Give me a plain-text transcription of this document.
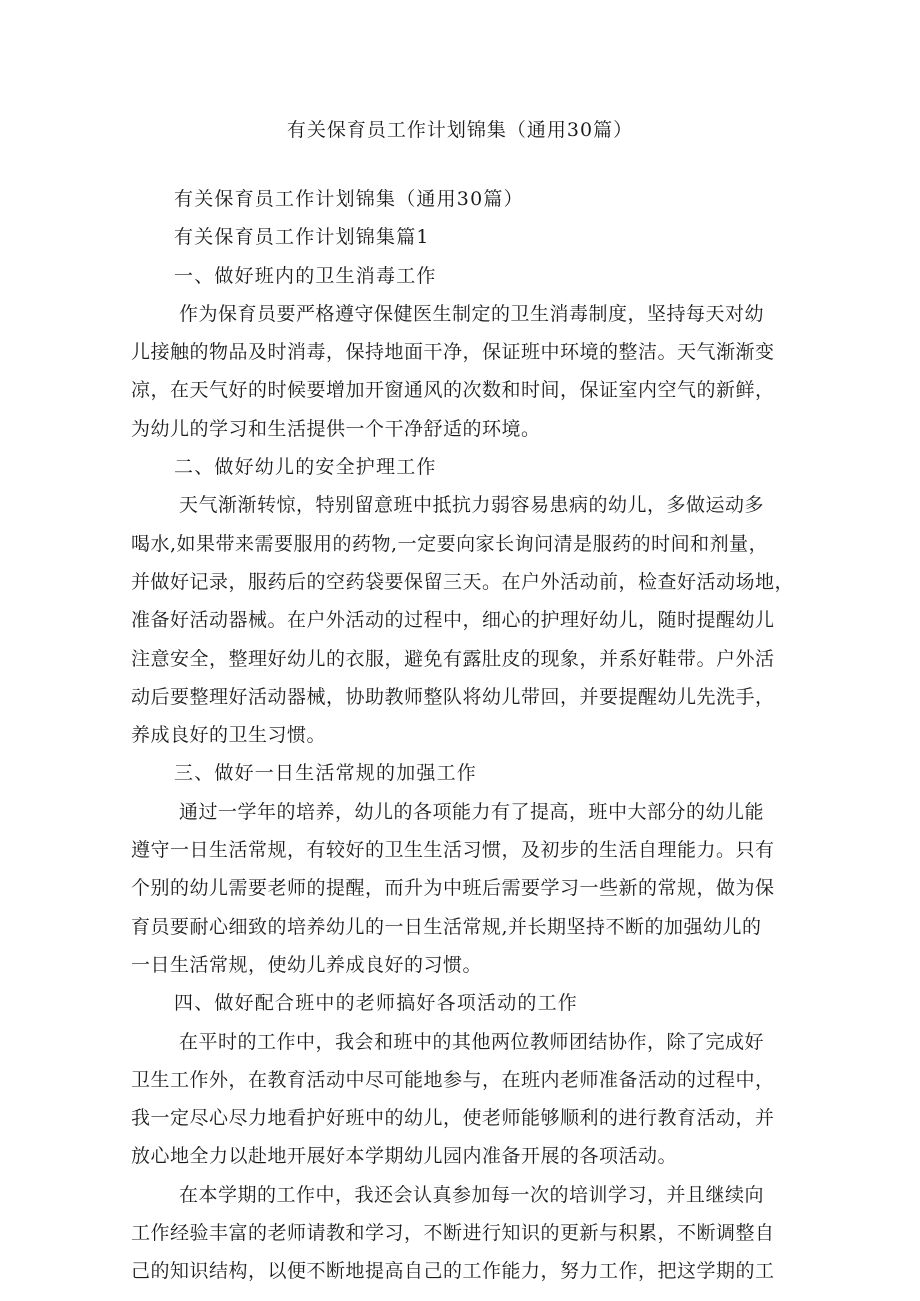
有关保育员工作计划锦集（通用30篇）

有关保育员工作计划锦集（通用30篇）

有关保育员工作计划锦集篇1

一、做好班内的卫生消毒工作

作为保育员要严格遵守保健医生制定的卫生消毒制度，坚持每天对幼

儿接触的物品及时消毒，保持地面干净，保证班中环境的整洁。天气渐渐变

凉，在天气好的时候要增加开窗通风的次数和时间，保证室内空气的新鲜，

为幼儿的学习和生活提供一个干净舒适的环境。

二、做好幼儿的安全护理工作

天气渐渐转惊，特别留意班中抵抗力弱容易患病的幼儿，多做运动多

喝水,如果带来需要服用的药物,一定要向家长询问清是服药的时间和剂量，

并做好记录，服药后的空药袋要保留三天。在户外活动前，检查好活动场地，

准备好活动器械。在户外活动的过程中，细心的护理好幼儿，随时提醒幼儿

注意安全，整理好幼儿的衣服，避免有露肚皮的现象，并系好鞋带。户外活

动后要整理好活动器械，协助教师整队将幼儿带回，并要提醒幼儿先洗手，

养成良好的卫生习惯。

三、做好一日生活常规的加强工作

通过一学年的培养，幼儿的各项能力有了提高，班中大部分的幼儿能

遵守一日生活常规，有较好的卫生生活习惯，及初步的生活自理能力。只有

个别的幼儿需要老师的提醒，而升为中班后需要学习一些新的常规，做为保

育员要耐心细致的培养幼儿的一日生活常规,并长期坚持不断的加强幼儿的

一日生活常规，使幼儿养成良好的习惯。

四、做好配合班中的老师搞好各项活动的工作

在平时的工作中，我会和班中的其他两位教师团结协作，除了完成好

卫生工作外，在教育活动中尽可能地参与，在班内老师准备活动的过程中，

我一定尽心尽力地看护好班中的幼儿，使老师能够顺利的进行教育活动，并

放心地全力以赴地开展好本学期幼儿园内准备开展的各项活动。

在本学期的工作中，我还会认真参加每一次的培训学习，并且继续向

工作经验丰富的老师请教和学习，不断进行知识的更新与积累，不断调整自

己的知识结构，以便不断地提高自己的工作能力，努力工作，把这学期的工
